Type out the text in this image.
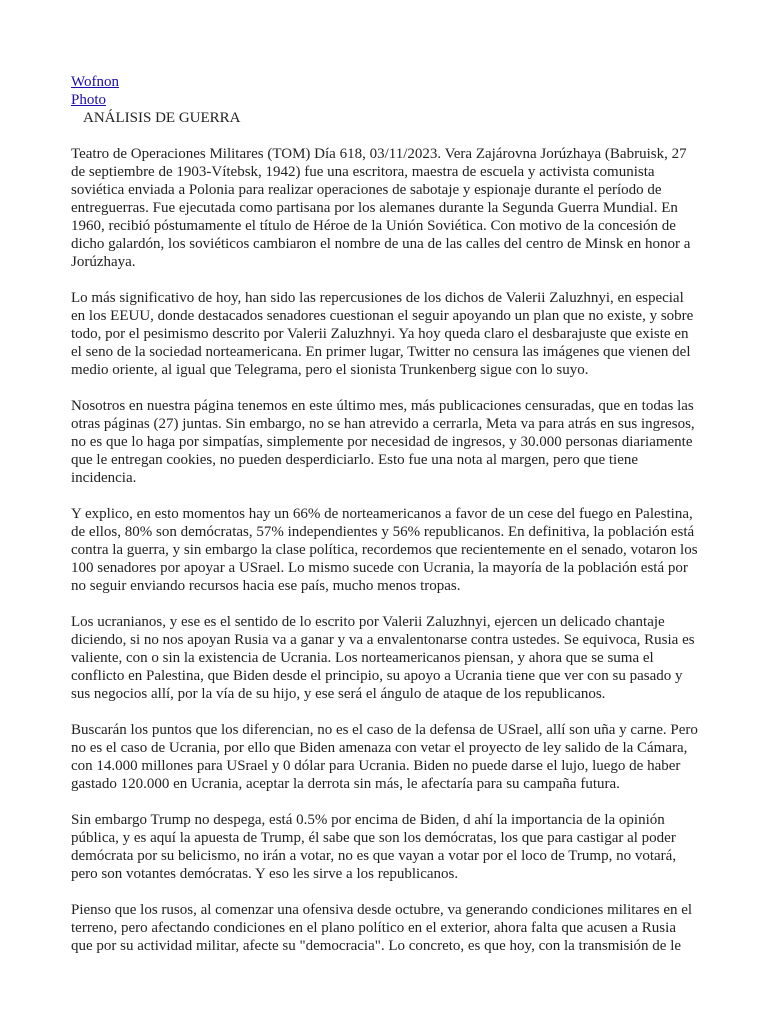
Wofnon
Photo
ANÁLISIS DE GUERRA

Teatro de Operaciones Militares (TOM) Día 618, 03/11/2023. Vera Zajárovna Jorúzhaya (Babruisk, 27 de septiembre de 1903-Vítebsk, 1942) fue una escritora, maestra de escuela y activista comunista soviética enviada a Polonia para realizar operaciones de sabotaje y espionaje durante el período de entreguerras. Fue ejecutada como partisana por los alemanes durante la Segunda Guerra Mundial. En 1960, recibió póstumamente el título de Héroe de la Unión Soviética. Con motivo de la concesión de dicho galardón, los soviéticos cambiaron el nombre de una de las calles del centro de Minsk en honor a Jorúzhaya.

Lo más significativo de hoy, han sido las repercusiones de los dichos de Valerii Zaluzhnyi, en especial en los EEUU, donde destacados senadores cuestionan el seguir apoyando un plan que no existe, y sobre todo, por el pesimismo descrito por Valerii Zaluzhnyi. Ya hoy queda claro el desbarajuste que existe en el seno de la sociedad norteamericana. En primer lugar, Twitter no censura las imágenes que vienen del medio oriente, al igual que Telegrama, pero el sionista Trunkenberg sigue con lo suyo.

Nosotros en nuestra página tenemos en este último mes, más publicaciones censuradas, que en todas las otras páginas (27) juntas. Sin embargo, no se han atrevido a cerrarla, Meta va para atrás en sus ingresos, no es que lo haga por simpatías, simplemente por necesidad de ingresos, y 30.000 personas diariamente que le entregan cookies, no pueden desperdiciarlo. Esto fue una nota al margen, pero que tiene incidencia.

Y explico, en esto momentos hay un 66% de norteamericanos a favor de un cese del fuego en Palestina, de ellos, 80% son demócratas, 57% independientes y 56% republicanos. En definitiva, la población está contra la guerra, y sin embargo la clase política, recordemos que recientemente en el senado, votaron los 100 senadores por apoyar a USrael. Lo mismo sucede con Ucrania, la mayoría de la población está por no seguir enviando recursos hacia ese país, mucho menos tropas.

Los ucranianos, y ese es el sentido de lo escrito por Valerii Zaluzhnyi, ejercen un delicado chantaje diciendo, si no nos apoyan Rusia va a ganar y va a envalentonarse contra ustedes. Se equivoca, Rusia es valiente, con o sin la existencia de Ucrania. Los norteamericanos piensan, y ahora que se suma el conflicto en Palestina, que Biden desde el principio, su apoyo a Ucrania tiene que ver con su pasado y sus negocios allí, por la vía de su hijo, y ese será el ángulo de ataque de los republicanos.

Buscarán los puntos que los diferencian, no es el caso de la defensa de USrael, allí son uña y carne. Pero no es el caso de Ucrania, por ello que Biden amenaza con vetar el proyecto de ley salido de la Cámara, con 14.000 millones para USrael y 0 dólar para Ucrania. Biden no puede darse el lujo, luego de haber gastado 120.000 en Ucrania, aceptar la derrota sin más, le afectaría para su campaña futura.

Sin embargo Trump no despega, está 0.5% por encima de Biden, d ahí la importancia de la opinión pública, y es aquí la apuesta de Trump, él sabe que son los demócratas, los que para castigar al poder demócrata por su belicismo, no irán a votar, no es que vayan a votar por el loco de Trump, no votará, pero son votantes demócratas. Y eso les sirve a los republicanos.

Pienso que los rusos, al comenzar una ofensiva desde octubre, va generando condiciones militares en el terreno, pero afectando condiciones en el plano político en el exterior, ahora falta que acusen a Rusia que por su actividad militar, afecte su "democracia". Lo concreto, es que hoy, con la transmisión de le
